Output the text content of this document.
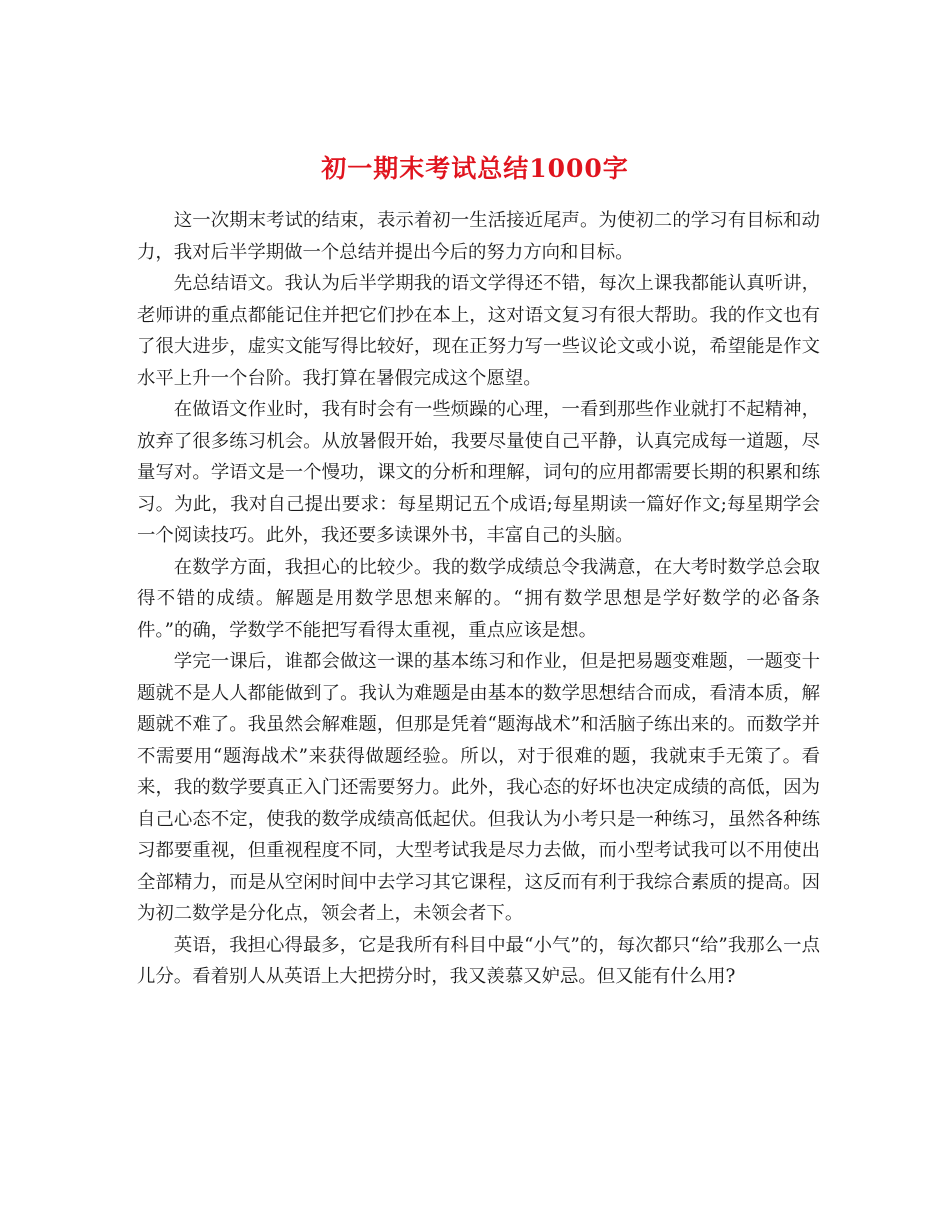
初一期末考试总结1000字

这一次期末考试的结束，表示着初一生活接近尾声。为使初二的学习有目标和动力，我对后半学期做一个总结并提出今后的努力方向和目标。

先总结语文。我认为后半学期我的语文学得还不错，每次上课我都能认真听讲，老师讲的重点都能记住并把它们抄在本上，这对语文复习有很大帮助。我的作文也有了很大进步，虚实文能写得比较好，现在正努力写一些议论文或小说，希望能是作文水平上升一个台阶。我打算在暑假完成这个愿望。

在做语文作业时，我有时会有一些烦躁的心理，一看到那些作业就打不起精神，放弃了很多练习机会。从放暑假开始，我要尽量使自己平静，认真完成每一道题，尽量写对。学语文是一个慢功，课文的分析和理解，词句的应用都需要长期的积累和练习。为此，我对自己提出要求：每星期记五个成语;每星期读一篇好作文;每星期学会一个阅读技巧。此外，我还要多读课外书，丰富自己的头脑。

在数学方面，我担心的比较少。我的数学成绩总令我满意，在大考时数学总会取得不错的成绩。解题是用数学思想来解的。“拥有数学思想是学好数学的必备条件。”的确，学数学不能把写看得太重视，重点应该是想。

学完一课后，谁都会做这一课的基本练习和作业，但是把易题变难题，一题变十题就不是人人都能做到了。我认为难题是由基本的数学思想结合而成，看清本质，解题就不难了。我虽然会解难题，但那是凭着“题海战术”和活脑子练出来的。而数学并不需要用“题海战术”来获得做题经验。所以，对于很难的题，我就束手无策了。看来，我的数学要真正入门还需要努力。此外，我心态的好坏也决定成绩的高低，因为自己心态不定，使我的数学成绩高低起伏。但我认为小考只是一种练习，虽然各种练习都要重视，但重视程度不同，大型考试我是尽力去做，而小型考试我可以不用使出全部精力，而是从空闲时间中去学习其它课程，这反而有利于我综合素质的提高。因为初二数学是分化点，领会者上，未领会者下。

英语，我担心得最多，它是我所有科目中最“小气”的，每次都只“给”我那么一点儿分。看着别人从英语上大把捞分时，我又羡慕又妒忌。但又能有什么用?
